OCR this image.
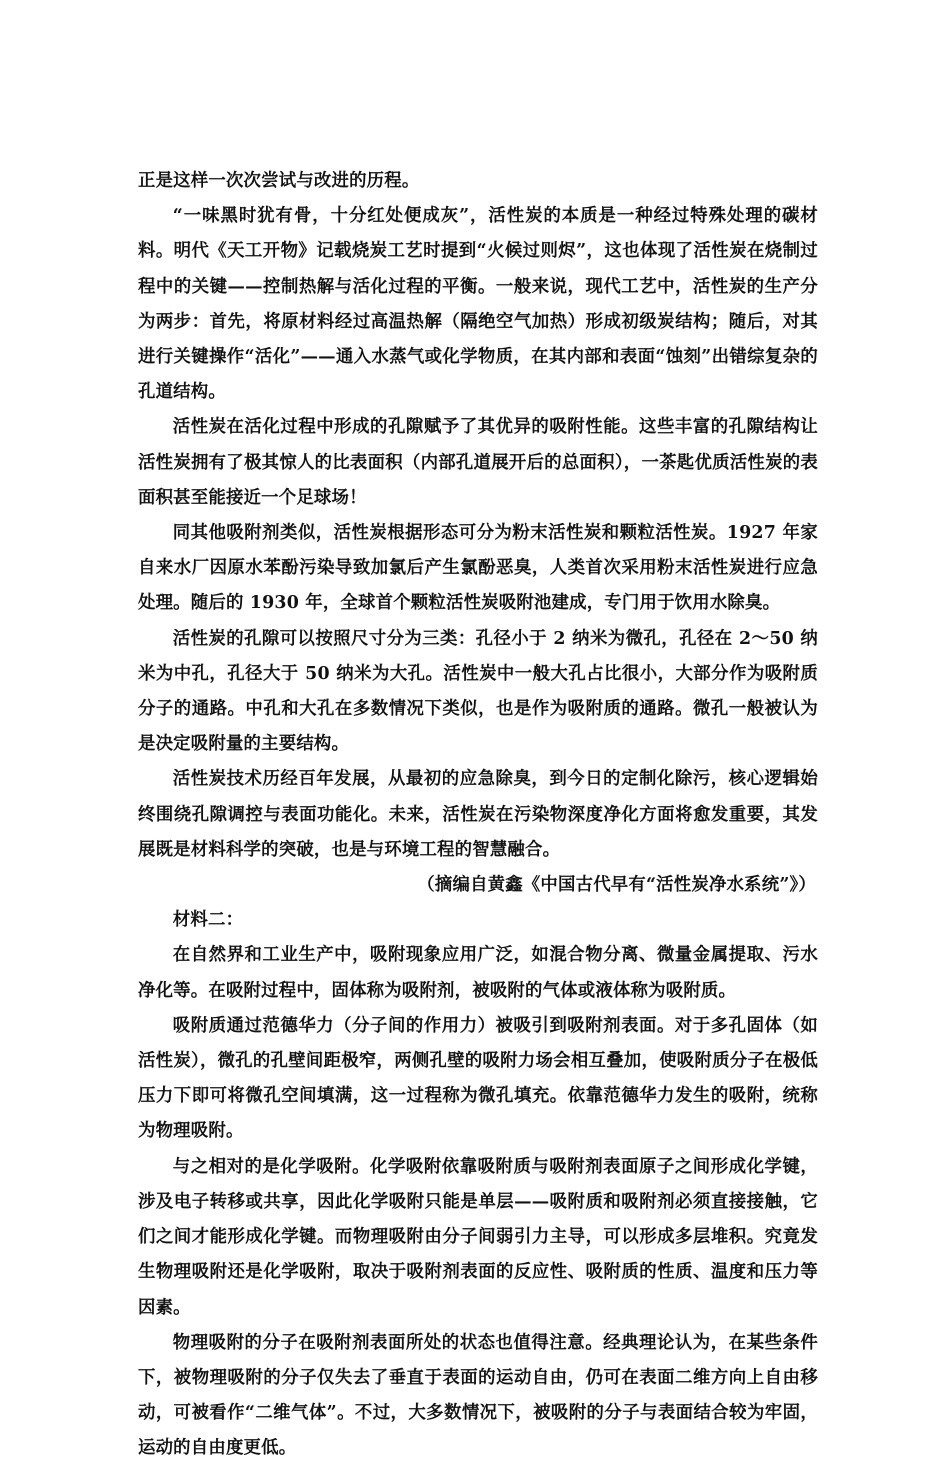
正是这样一次次尝试与改进的历程。

“一味黑时犹有骨，十分红处便成灰”，活性炭的本质是一种经过特殊处理的碳材料。明代《天工开物》记载烧炭工艺时提到“火候过则烬”，这也体现了活性炭在烧制过程中的关键——控制热解与活化过程的平衡。一般来说，现代工艺中，活性炭的生产分为两步：首先，将原材料经过高温热解（隔绝空气加热）形成初级炭结构；随后，对其进行关键操作“活化”——通入水蒸气或化学物质，在其内部和表面“蚀刻”出错综复杂的孔道结构。

活性炭在活化过程中形成的孔隙赋予了其优异的吸附性能。这些丰富的孔隙结构让活性炭拥有了极其惊人的比表面积（内部孔道展开后的总面积），一茶匙优质活性炭的表面积甚至能接近一个足球场！

同其他吸附剂类似，活性炭根据形态可分为粉末活性炭和颗粒活性炭。1927 年家自来水厂因原水苯酚污染导致加氯后产生氯酚恶臭，人类首次采用粉末活性炭进行应急处理。随后的 1930 年，全球首个颗粒活性炭吸附池建成，专门用于饮用水除臭。

活性炭的孔隙可以按照尺寸分为三类：孔径小于 2 纳米为微孔，孔径在 2～50 纳米为中孔，孔径大于 50 纳米为大孔。活性炭中一般大孔占比很小，大部分作为吸附质分子的通路。中孔和大孔在多数情况下类似，也是作为吸附质的通路。微孔一般被认为是决定吸附量的主要结构。

活性炭技术历经百年发展，从最初的应急除臭，到今日的定制化除污，核心逻辑始终围绕孔隙调控与表面功能化。未来，活性炭在污染物深度净化方面将愈发重要，其发展既是材料科学的突破，也是与环境工程的智慧融合。

（摘编自黄鑫《中国古代早有“活性炭净水系统”》）

材料二：

在自然界和工业生产中，吸附现象应用广泛，如混合物分离、微量金属提取、污水净化等。在吸附过程中，固体称为吸附剂，被吸附的气体或液体称为吸附质。

吸附质通过范德华力（分子间的作用力）被吸引到吸附剂表面。对于多孔固体（如活性炭），微孔的孔壁间距极窄，两侧孔壁的吸附力场会相互叠加，使吸附质分子在极低压力下即可将微孔空间填满，这一过程称为微孔填充。依靠范德华力发生的吸附，统称为物理吸附。

与之相对的是化学吸附。化学吸附依靠吸附质与吸附剂表面原子之间形成化学键，涉及电子转移或共享，因此化学吸附只能是单层——吸附质和吸附剂必须直接接触，它们之间才能形成化学键。而物理吸附由分子间弱引力主导，可以形成多层堆积。究竟发生物理吸附还是化学吸附，取决于吸附剂表面的反应性、吸附质的性质、温度和压力等因素。

物理吸附的分子在吸附剂表面所处的状态也值得注意。经典理论认为，在某些条件下，被物理吸附的分子仅失去了垂直于表面的运动自由，仍可在表面二维方向上自由移动，可被看作“二维气体”。不过，大多数情况下，被吸附的分子与表面结合较为牢固，运动的自由度更低。
